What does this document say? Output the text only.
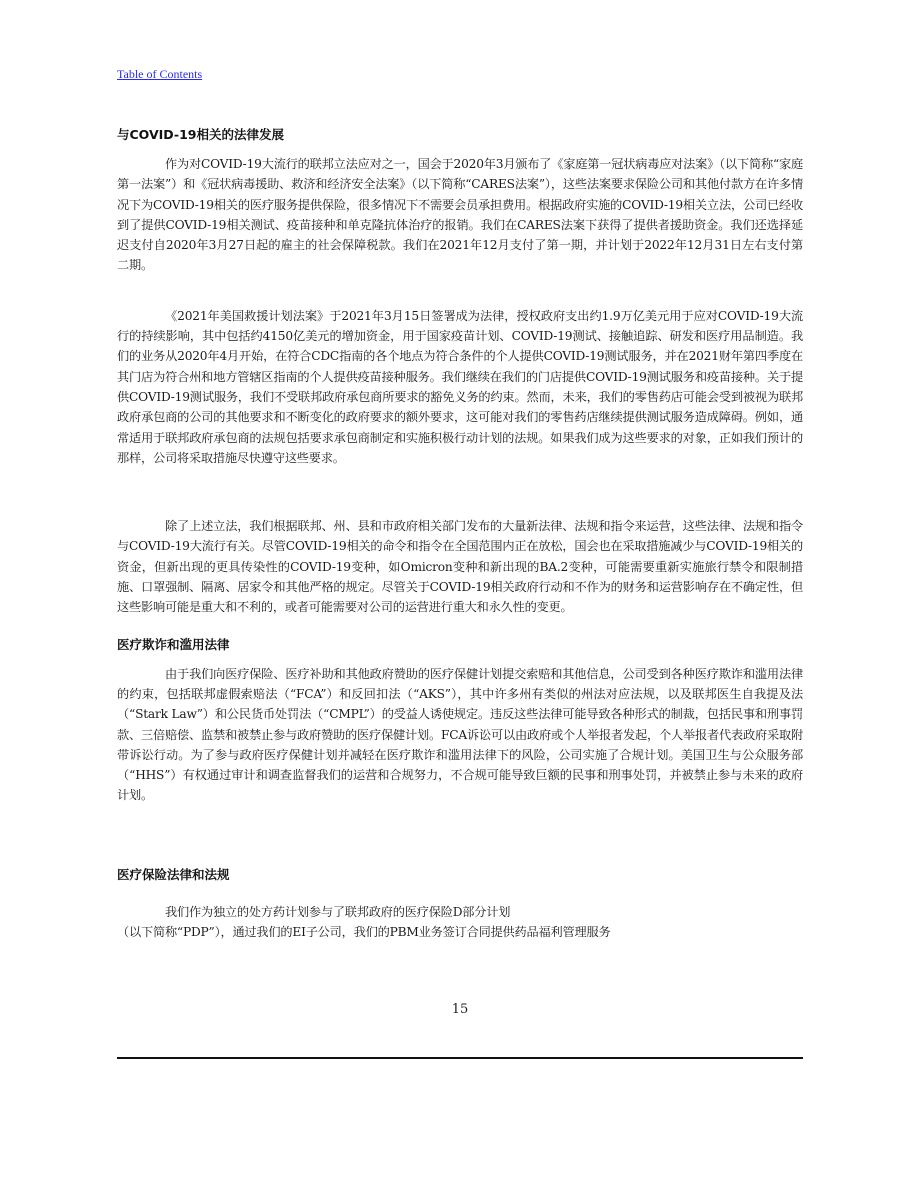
Table of Contents
与COVID-19相关的法律发展

作为对COVID-19大流行的联邦立法应对之一，国会于2020年3月颁布了《家庭第一冠状病毒应对法案》（以下简称“家庭第一法案”）和《冠状病毒援助、救济和经济安全法案》（以下简称“CARES法案”），这些法案要求保险公司和其他付款方在许多情况下为COVID-19相关的医疗服务提供保险，很多情况下不需要会员承担费用。根据政府实施的COVID-19相关立法，公司已经收到了提供COVID-19相关测试、疫苗接种和单克隆抗体治疗的报销。我们在CARES法案下获得了提供者援助资金。我们还选择延迟支付自2020年3月27日起的雇主的社会保障税款。我们在2021年12月支付了第一期，并计划于2022年12月31日左右支付第二期。

《2021年美国救援计划法案》于2021年3月15日签署成为法律，授权政府支出约1.9万亿美元用于应对COVID-19大流行的持续影响，其中包括约4150亿美元的增加资金，用于国家疫苗计划、COVID-19测试、接触追踪、研发和医疗用品制造。我们的业务从2020年4月开始，在符合CDC指南的各个地点为符合条件的个人提供COVID-19测试服务，并在2021财年第四季度在其门店为符合州和地方管辖区指南的个人提供疫苗接种服务。我们继续在我们的门店提供COVID-19测试服务和疫苗接种。关于提供COVID-19测试服务，我们不受联邦政府承包商所要求的豁免义务的约束。然而，未来，我们的零售药店可能会受到被视为联邦政府承包商的公司的其他要求和不断变化的政府要求的额外要求，这可能对我们的零售药店继续提供测试服务造成障碍。例如，通常适用于联邦政府承包商的法规包括要求承包商制定和实施积极行动计划的法规。如果我们成为这些要求的对象，正如我们预计的那样，公司将采取措施尽快遵守这些要求。

除了上述立法，我们根据联邦、州、县和市政府相关部门发布的大量新法律、法规和指令来运营，这些法律、法规和指令与COVID-19大流行有关。尽管COVID-19相关的命令和指令在全国范围内正在放松，国会也在采取措施减少与COVID-19相关的资金，但新出现的更具传染性的COVID-19变种，如Omicron变种和新出现的BA.2变种，可能需要重新实施旅行禁令和限制措施、口罩强制、隔离、居家令和其他严格的规定。尽管关于COVID-19相关政府行动和不作为的财务和运营影响存在不确定性，但这些影响可能是重大和不利的，或者可能需要对公司的运营进行重大和永久性的变更。

医疗欺诈和滥用法律

由于我们向医疗保险、医疗补助和其他政府赞助的医疗保健计划提交索赔和其他信息，公司受到各种医疗欺诈和滥用法律的约束，包括联邦虚假索赔法（“FCA”）和反回扣法（“AKS”），其中许多州有类似的州法对应法规，以及联邦医生自我提及法（“Stark Law”）和公民货币处罚法（“CMPL”）的受益人诱使规定。违反这些法律可能导致各种形式的制裁，包括民事和刑事罚款、三倍赔偿、监禁和被禁止参与政府赞助的医疗保健计划。FCA诉讼可以由政府或个人举报者发起，个人举报者代表政府采取附带诉讼行动。为了参与政府医疗保健计划并减轻在医疗欺诈和滥用法律下的风险，公司实施了合规计划。美国卫生与公众服务部（“HHS”）有权通过审计和调查监督我们的运营和合规努力，不合规可能导致巨额的民事和刑事处罚，并被禁止参与未来的政府计划。

医疗保险法律和法规

我们作为独立的处方药计划参与了联邦政府的医疗保险D部分计划
（以下简称“PDP”），通过我们的EI子公司，我们的PBM业务签订合同提供药品福利管理服务

15
